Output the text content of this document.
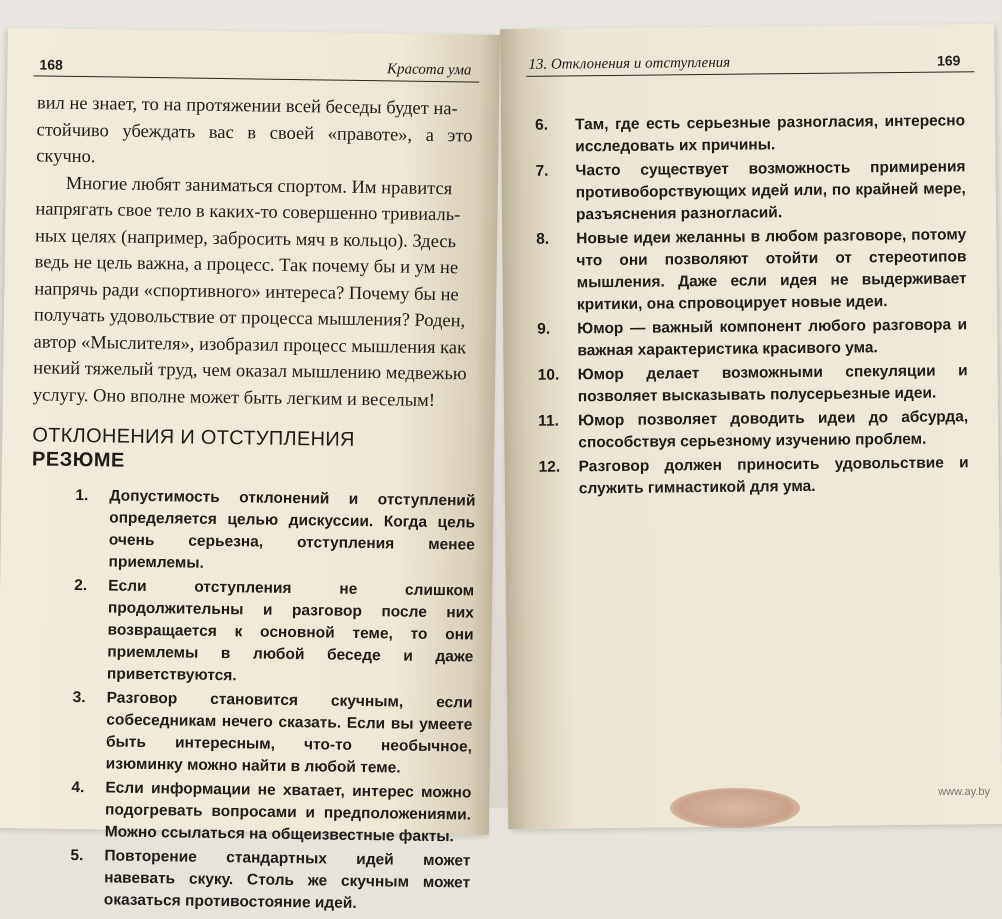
168	Красота ума

вил не знает, то на протяжении всей беседы будет на-

стойчиво убеждать вас в своей «правоте», а это скучно.

Многие любят заниматься спортом. Им нравится

напрягать свое тело в каких-то совершенно тривиаль-

ных целях (например, забросить мяч в кольцо). Здесь

ведь не цель важна, а процесс. Так почему бы и ум не

напрячь ради «спортивного» интереса? Почему бы не

получать удовольствие от процесса мышления? Роден,

автор «Мыслителя», изобразил процесс мышления как

некий тяжелый труд, чем оказал мышлению медвежью

услугу. Оно вполне может быть легким и веселым!

ОТКЛОНЕНИЯ И ОТСТУПЛЕНИЯ
РЕЗЮМЕ
1. Допустимость отклонений и отступлений определяется целью дискуссии. Когда цель очень серьезна, отступления менее приемлемы.
2. Если отступления не слишком продолжительны и разговор после них возвращается к основной теме, то они приемлемы в любой беседе и даже приветствуются.
3. Разговор становится скучным, если собеседникам нечего сказать. Если вы умеете быть интересным, что-то необычное, изюминку можно найти в любой теме.
4. Если информации не хватает, интерес можно подогревать вопросами и предположениями. Можно ссылаться на общеизвестные факты.
5. Повторение стандартных идей может навевать скуку. Столь же скучным может оказаться противостояние идей.
13. Отклонения и отступления	169
6. Там, где есть серьезные разногласия, интересно исследовать их причины.
7. Часто существует возможность примирения противоборствующих идей или, по крайней мере, разъяснения разногласий.
8. Новые идеи желанны в любом разговоре, потому что они позволяют отойти от стереотипов мышления. Даже если идея не выдерживает критики, она спровоцирует новые идеи.
9. Юмор — важный компонент любого разговора и важная характеристика красивого ума.
10. Юмор делает возможными спекуляции и позволяет высказывать полусерьезные идеи.
11. Юмор позволяет доводить идеи до абсурда, способствуя серьезному изучению проблем.
12. Разговор должен приносить удовольствие и служить гимнастикой для ума.
www.ay.by
